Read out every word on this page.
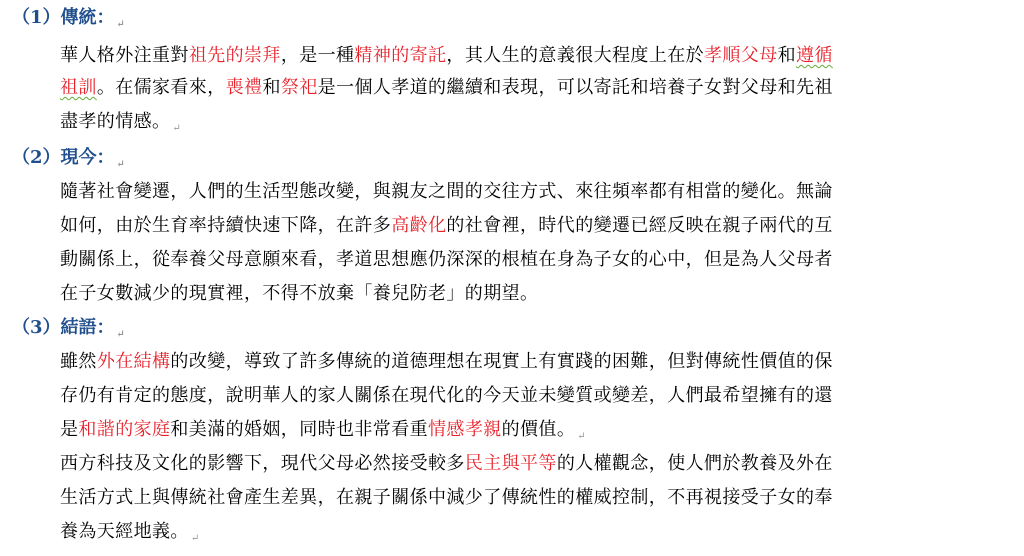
（1）傳統： $_↵$
華人格外注重對祖先的崇拜，是一種精神的寄託，其人生的意義很大程度上在於孝順父母和遵循
祖訓。在儒家看來，喪禮和祭祀是一個人孝道的繼續和表現，可以寄託和培養子女對父母和先祖
盡孝的情感。 $_↵$
（2）現今： $_↵$
隨著社會變遷，人們的生活型態改變，與親友之間的交往方式、來往頻率都有相當的變化。無論
如何，由於生育率持續快速下降，在許多高齡化的社會裡，時代的變遷已經反映在親子兩代的互
動關係上，從奉養父母意願來看，孝道思想應仍深深的根植在身為子女的心中，但是為人父母者
在子女數減少的現實裡，不得不放棄「養兒防老」的期望。
（3）結語： $_↵$
雖然外在結構的改變，導致了許多傳統的道德理想在現實上有實踐的困難，但對傳統性價值的保
存仍有肯定的態度，說明華人的家人關係在現代化的今天並未變質或變差，人們最希望擁有的還
是和諧的家庭和美滿的婚姻，同時也非常看重情感孝親的價值。 $_↵$
西方科技及文化的影響下，現代父母必然接受較多民主與平等的人權觀念，使人們於教養及外在
生活方式上與傳統社會產生差異，在親子關係中減少了傳統性的權威控制，不再視接受子女的奉
養為天經地義。 $_↵$
